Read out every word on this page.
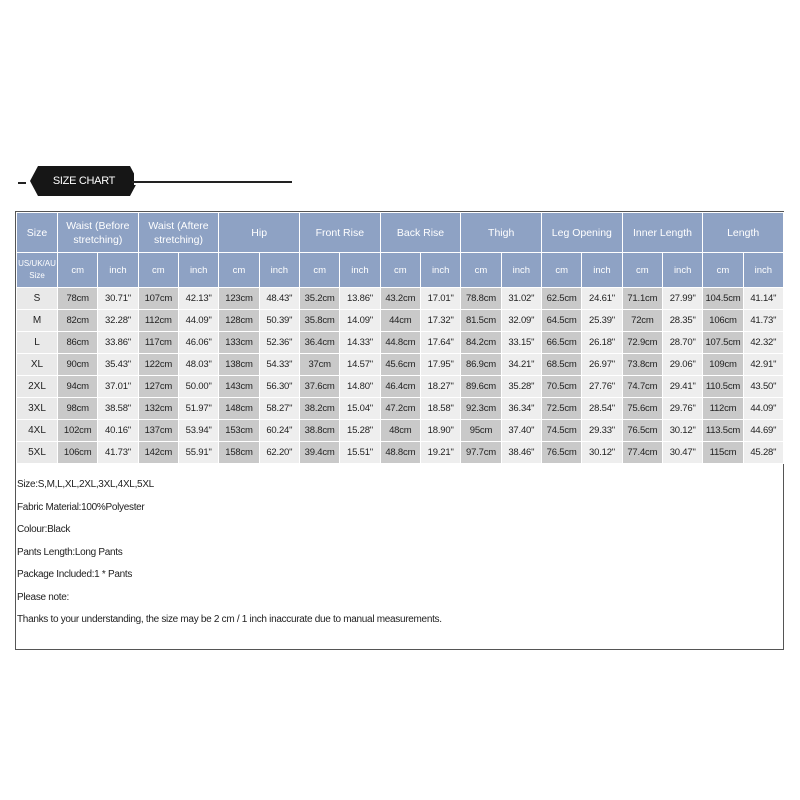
SIZE CHART
Size	Waist (Before stretching)		Waist (Aftere stretching)		Hip		Front Rise		Back Rise		Thigh		Leg Opening		Inner Length		Length	
US/UK/AU Size	cm	inch	cm	inch	cm	inch	cm	inch	cm	inch	cm	inch	cm	inch	cm	inch	cm	inch
S	78cm	30.71"	107cm	42.13"	123cm	48.43"	35.2cm	13.86"	43.2cm	17.01"	78.8cm	31.02"	62.5cm	24.61"	71.1cm	27.99"	104.5cm	41.14"
M	82cm	32.28"	112cm	44.09"	128cm	50.39"	35.8cm	14.09"	44cm	17.32"	81.5cm	32.09"	64.5cm	25.39"	72cm	28.35"	106cm	41.73"
L	86cm	33.86"	117cm	46.06"	133cm	52.36"	36.4cm	14.33"	44.8cm	17.64"	84.2cm	33.15"	66.5cm	26.18"	72.9cm	28.70"	107.5cm	42.32"
XL	90cm	35.43"	122cm	48.03"	138cm	54.33"	37cm	14.57"	45.6cm	17.95"	86.9cm	34.21"	68.5cm	26.97"	73.8cm	29.06"	109cm	42.91"
2XL	94cm	37.01"	127cm	50.00"	143cm	56.30"	37.6cm	14.80"	46.4cm	18.27"	89.6cm	35.28"	70.5cm	27.76"	74.7cm	29.41"	110.5cm	43.50"
3XL	98cm	38.58"	132cm	51.97"	148cm	58.27"	38.2cm	15.04"	47.2cm	18.58"	92.3cm	36.34"	72.5cm	28.54"	75.6cm	29.76"	112cm	44.09"
4XL	102cm	40.16"	137cm	53.94"	153cm	60.24"	38.8cm	15.28"	48cm	18.90"	95cm	37.40"	74.5cm	29.33"	76.5cm	30.12"	113.5cm	44.69"
5XL	106cm	41.73"	142cm	55.91"	158cm	62.20"	39.4cm	15.51"	48.8cm	19.21"	97.7cm	38.46"	76.5cm	30.12"	77.4cm	30.47"	115cm	45.28"
Size:S,M,L,XL,2XL,3XL,4XL,5XL
Fabric Material:100%Polyester
Colour:Black
Pants Length:Long Pants
Package Included:1 * Pants
Please note:
Thanks to your understanding, the size may be 2 cm / 1 inch inaccurate due to manual measurements.
